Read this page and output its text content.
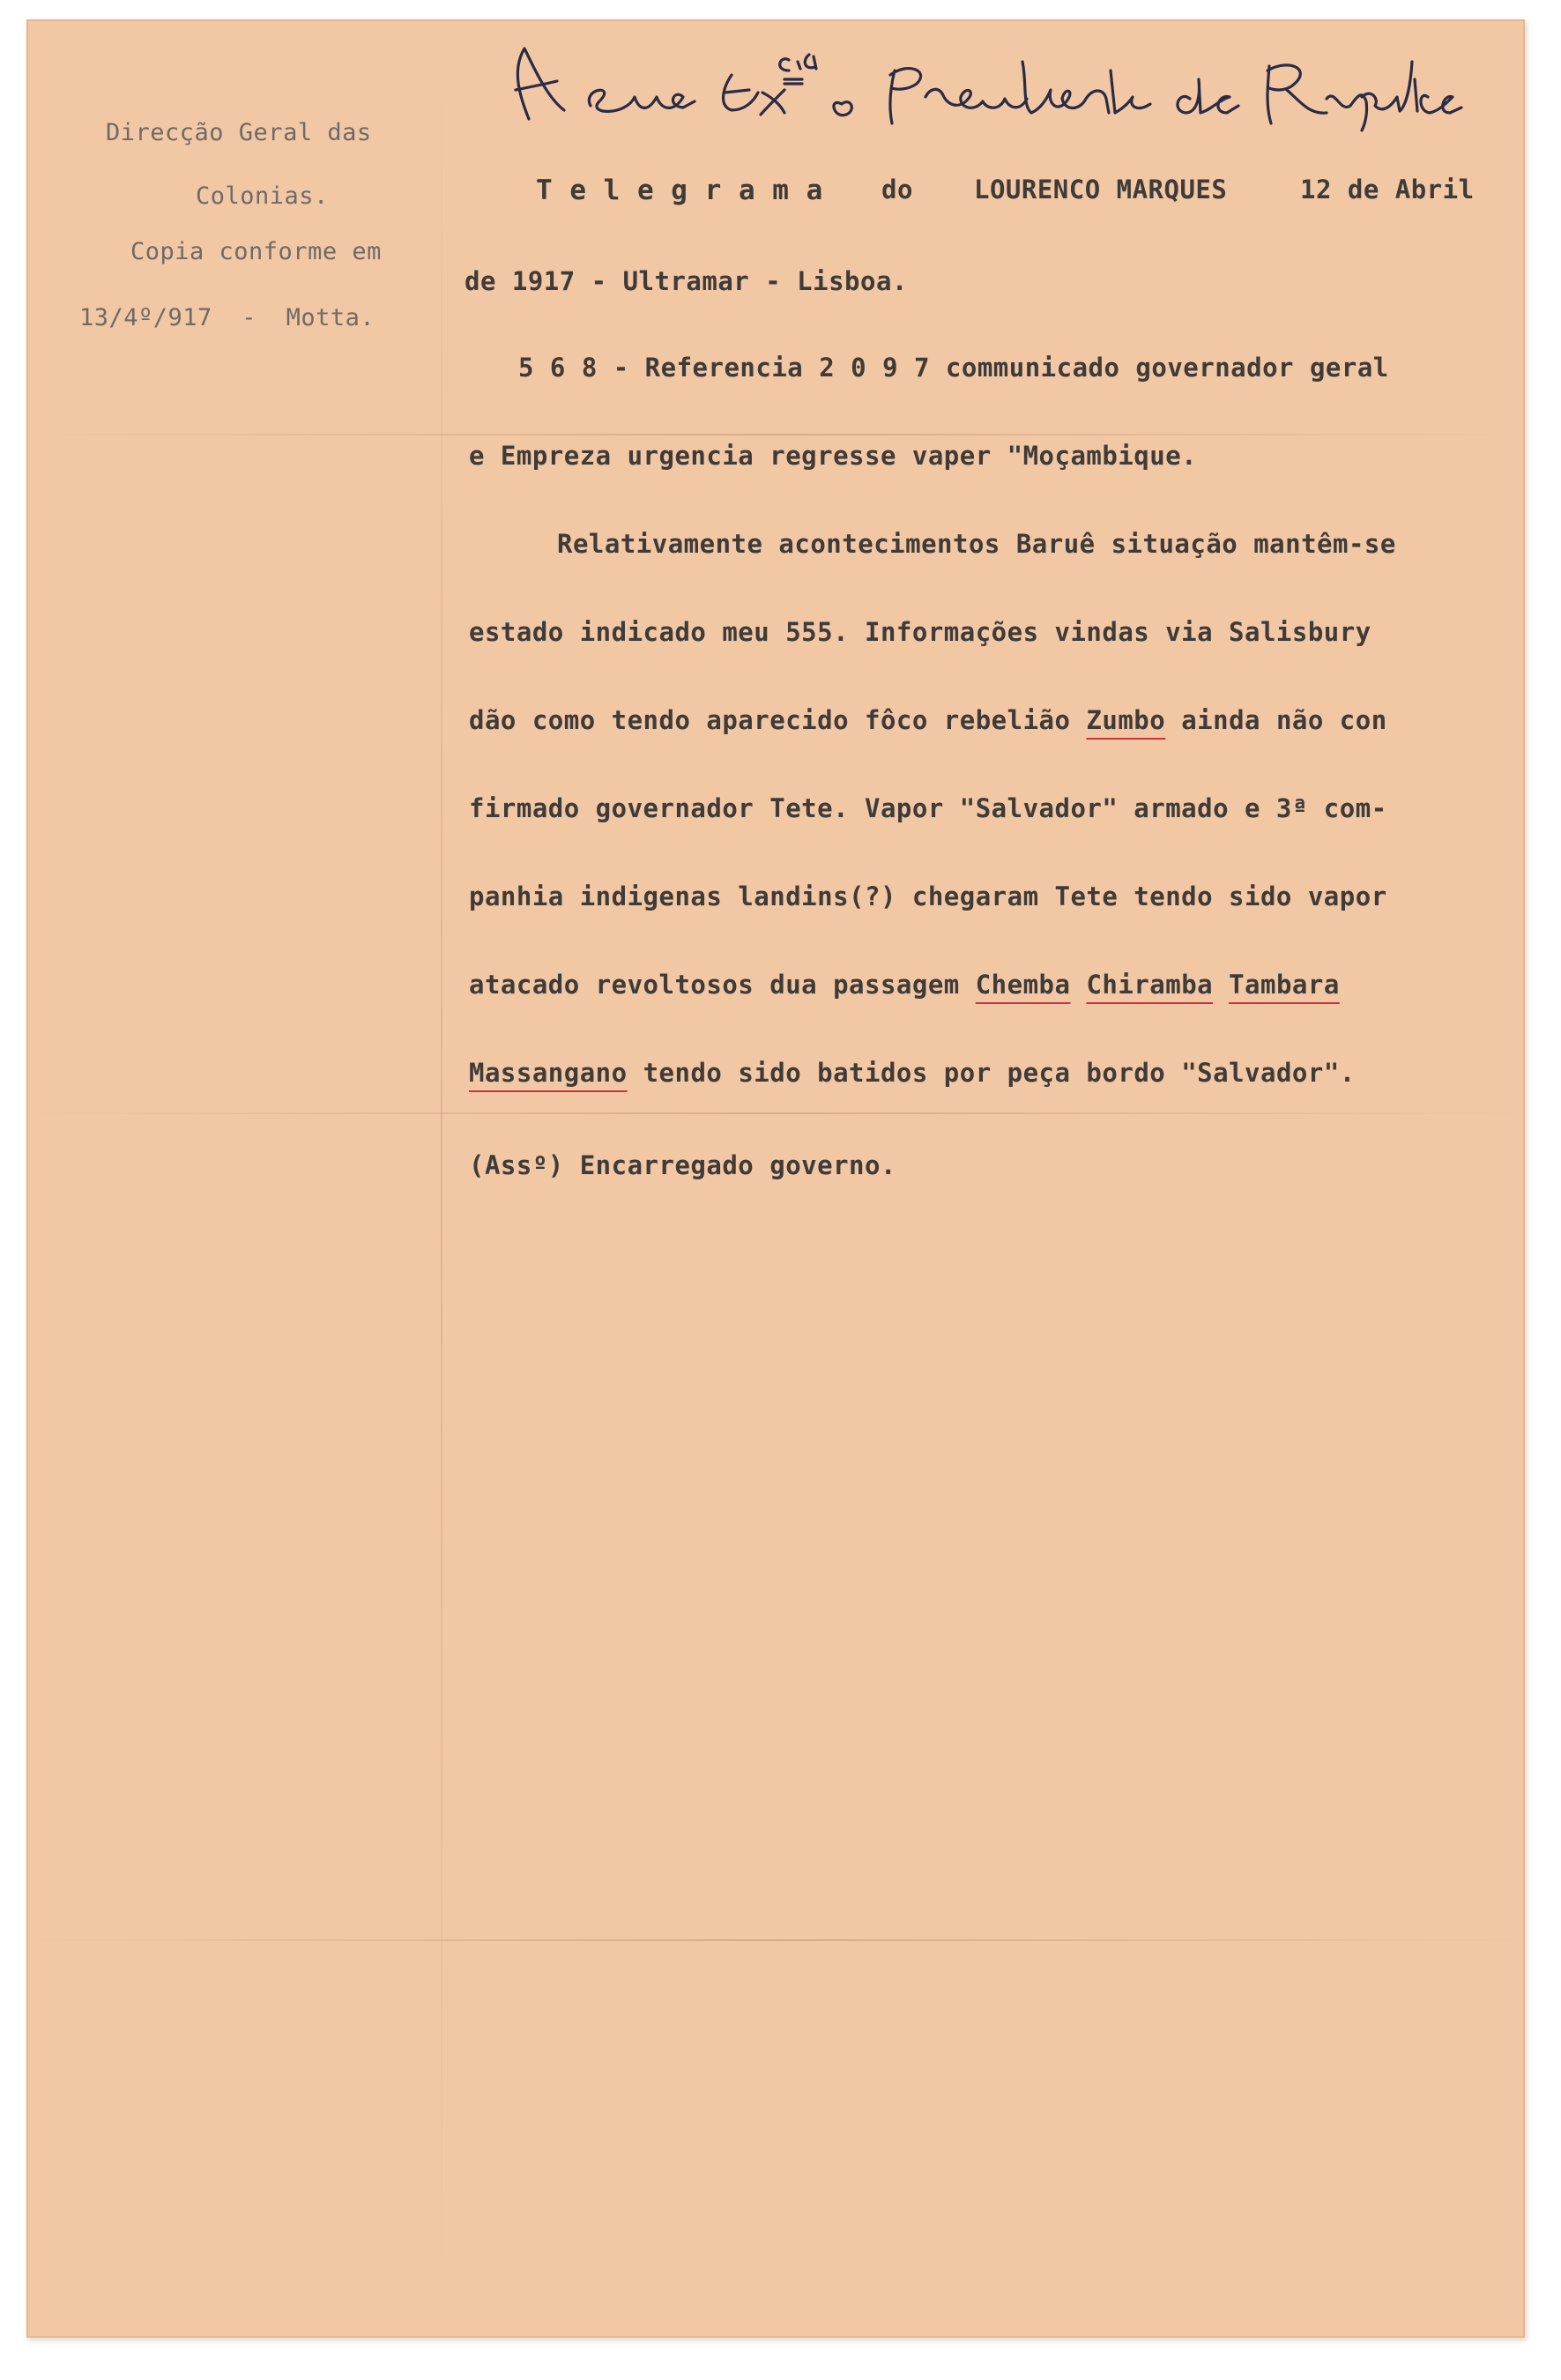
Direcção Geral das
Colonias.
Copia conforme em
13/4º/917  -  Motta.
T e l e g r a m a do LOURENCO MARQUES	12 de Abril
de 1917 - Ultramar - Lisboa.
5 6 8 - Referencia 2 0 9 7 communicado governador geral
e Empreza urgencia regresse vaper "Moçambique.
Relativamente acontecimentos Baruê situação mantêm-se
estado indicado meu 555. Informações vindas via Salisbury
dão como tendo aparecido fôco rebelião Zumbo ainda não con
firmado governador Tete. Vapor "Salvador" armado e 3ª com-
panhia indigenas landins(?) chegaram Tete tendo sido vapor
atacado revoltosos dua passagem Chemba Chiramba Tambara
Massangano tendo sido batidos por peça bordo "Salvador".
(Assº) Encarregado governo.
